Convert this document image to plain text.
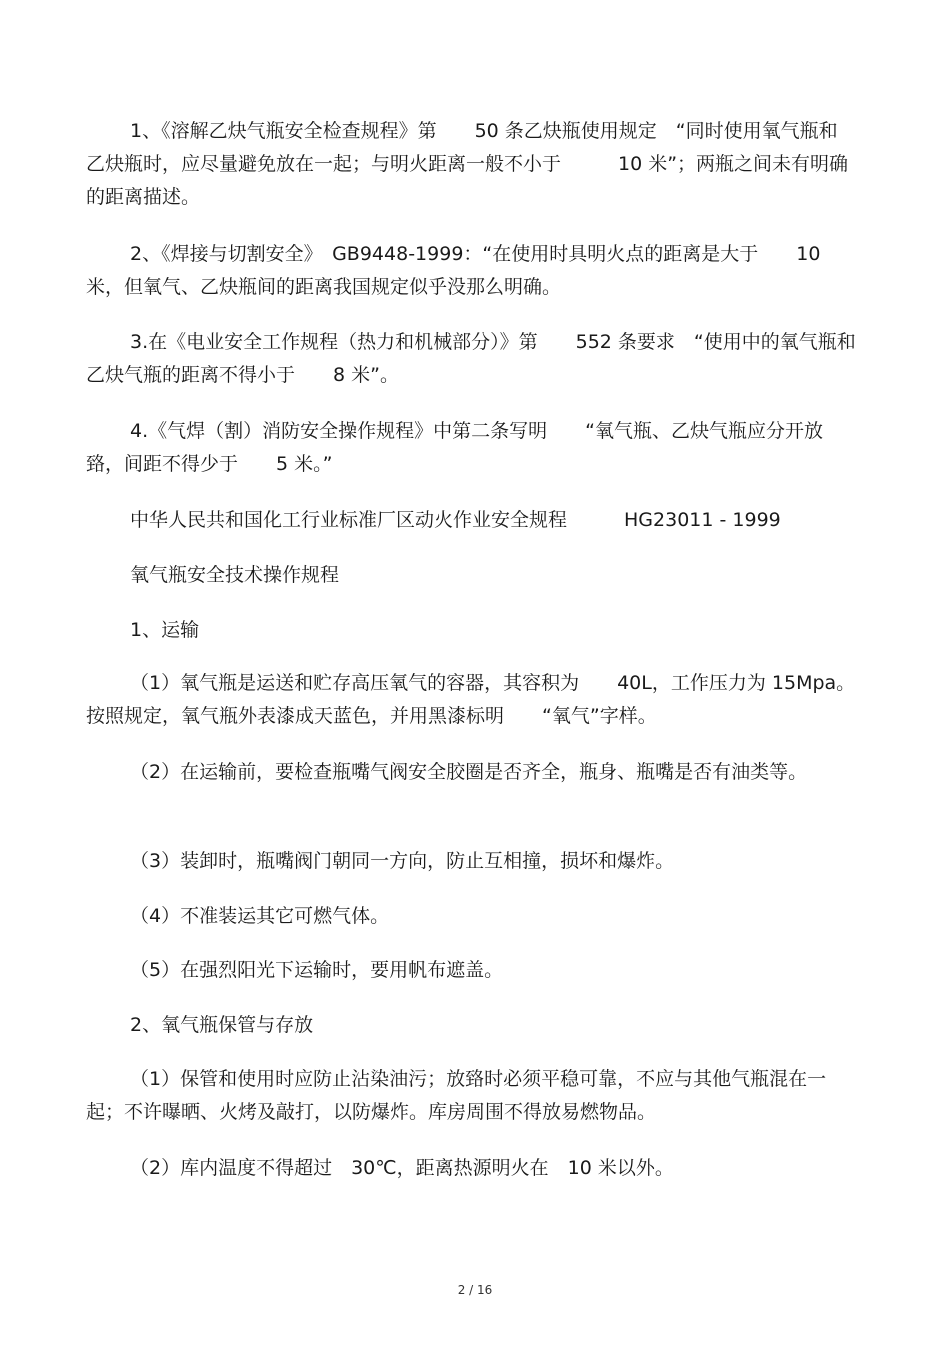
1、《溶解乙炔气瓶安全检查规程》第　　50 条乙炔瓶使用规定　“同时使用氧气瓶和乙炔瓶时，应尽量避免放在一起；与明火距离一般不小于　　　10 米”；两瓶之间未有明确的距离描述。

2、《焊接与切割安全》　GB9448-1999：“在使用时具明火点的距离是大于　　10 米，但氧气、乙炔瓶间的距离我国规定似乎没那么明确。

3.在《电业安全工作规程（热力和机械部分）》第　　552 条要求　“使用中的氧气瓶和乙炔气瓶的距离不得小于　　8 米”。

4.《气焊（割）消防安全操作规程》中第二条写明　　“氧气瓶、乙炔气瓶应分开放臵，间距不得少于　　5 米。”

中华人民共和国化工行业标准厂区动火作业安全规程　　　HG23011 - 1999

氧气瓶安全技术操作规程

1、运输

（1）氧气瓶是运送和贮存高压氧气的容器，其容积为　　40L，工作压力为 15Mpa。按照规定，氧气瓶外表漆成天蓝色，并用黑漆标明　　“氧气”字样。

（2）在运输前，要检查瓶嘴气阀安全胶圈是否齐全，瓶身、瓶嘴是否有油类等。

（3）装卸时，瓶嘴阀门朝同一方向，防止互相撞，损坏和爆炸。

（4）不准装运其它可燃气体。

（5）在强烈阳光下运输时，要用帆布遮盖。

2、氧气瓶保管与存放

（1）保管和使用时应防止沾染油污；放臵时必须平稳可靠，不应与其他气瓶混在一起；不许曝晒、火烤及敲打，以防爆炸。库房周围不得放易燃物品。

（2）库内温度不得超过　30℃，距离热源明火在　10 米以外。

2 / 16
